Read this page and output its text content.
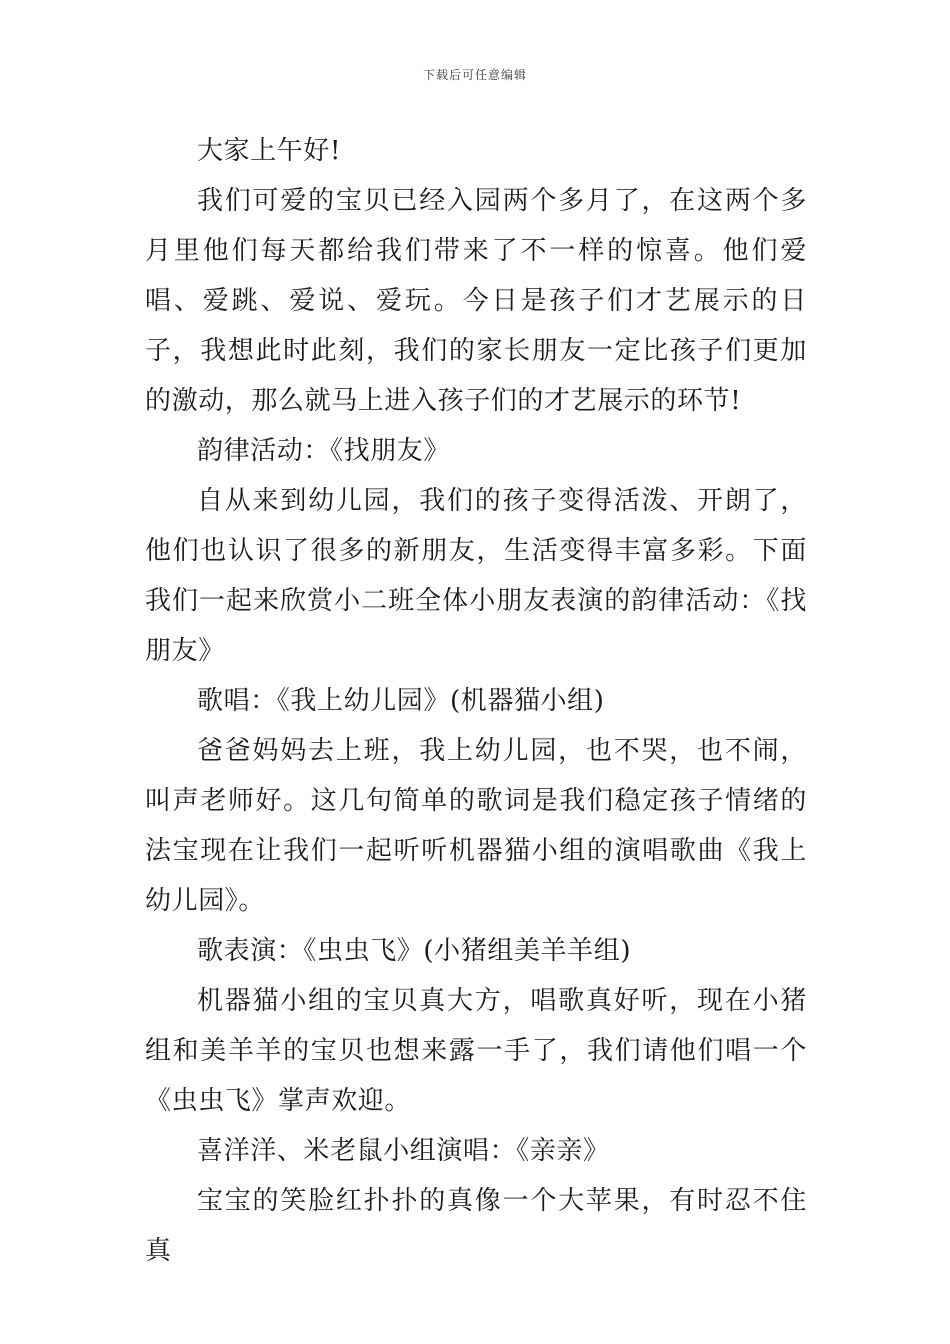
下载后可任意编辑

大家上午好!

我们可爱的宝贝已经入园两个多月了，在这两个多月里他们每天都给我们带来了不一样的惊喜。他们爱唱、爱跳、爱说、爱玩。今日是孩子们才艺展示的日子，我想此时此刻，我们的家长朋友一定比孩子们更加的激动，那么就马上进入孩子们的才艺展示的环节!

韵律活动：《找朋友》

自从来到幼儿园，我们的孩子变得活泼、开朗了，他们也认识了很多的新朋友，生活变得丰富多彩。下面我们一起来欣赏小二班全体小朋友表演的韵律活动：《找朋友》

歌唱：《我上幼儿园》(机器猫小组)

爸爸妈妈去上班，我上幼儿园，也不哭，也不闹，叫声老师好。这几句简单的歌词是我们稳定孩子情绪的法宝现在让我们一起听听机器猫小组的演唱歌曲《我上幼儿园》。

歌表演：《虫虫飞》(小猪组美羊羊组)

机器猫小组的宝贝真大方，唱歌真好听，现在小猪组和美羊羊的宝贝也想来露一手了，我们请他们唱一个《虫虫飞》掌声欢迎。

喜洋洋、米老鼠小组演唱：《亲亲》

宝宝的笑脸红扑扑的真像一个大苹果，有时忍不住真
